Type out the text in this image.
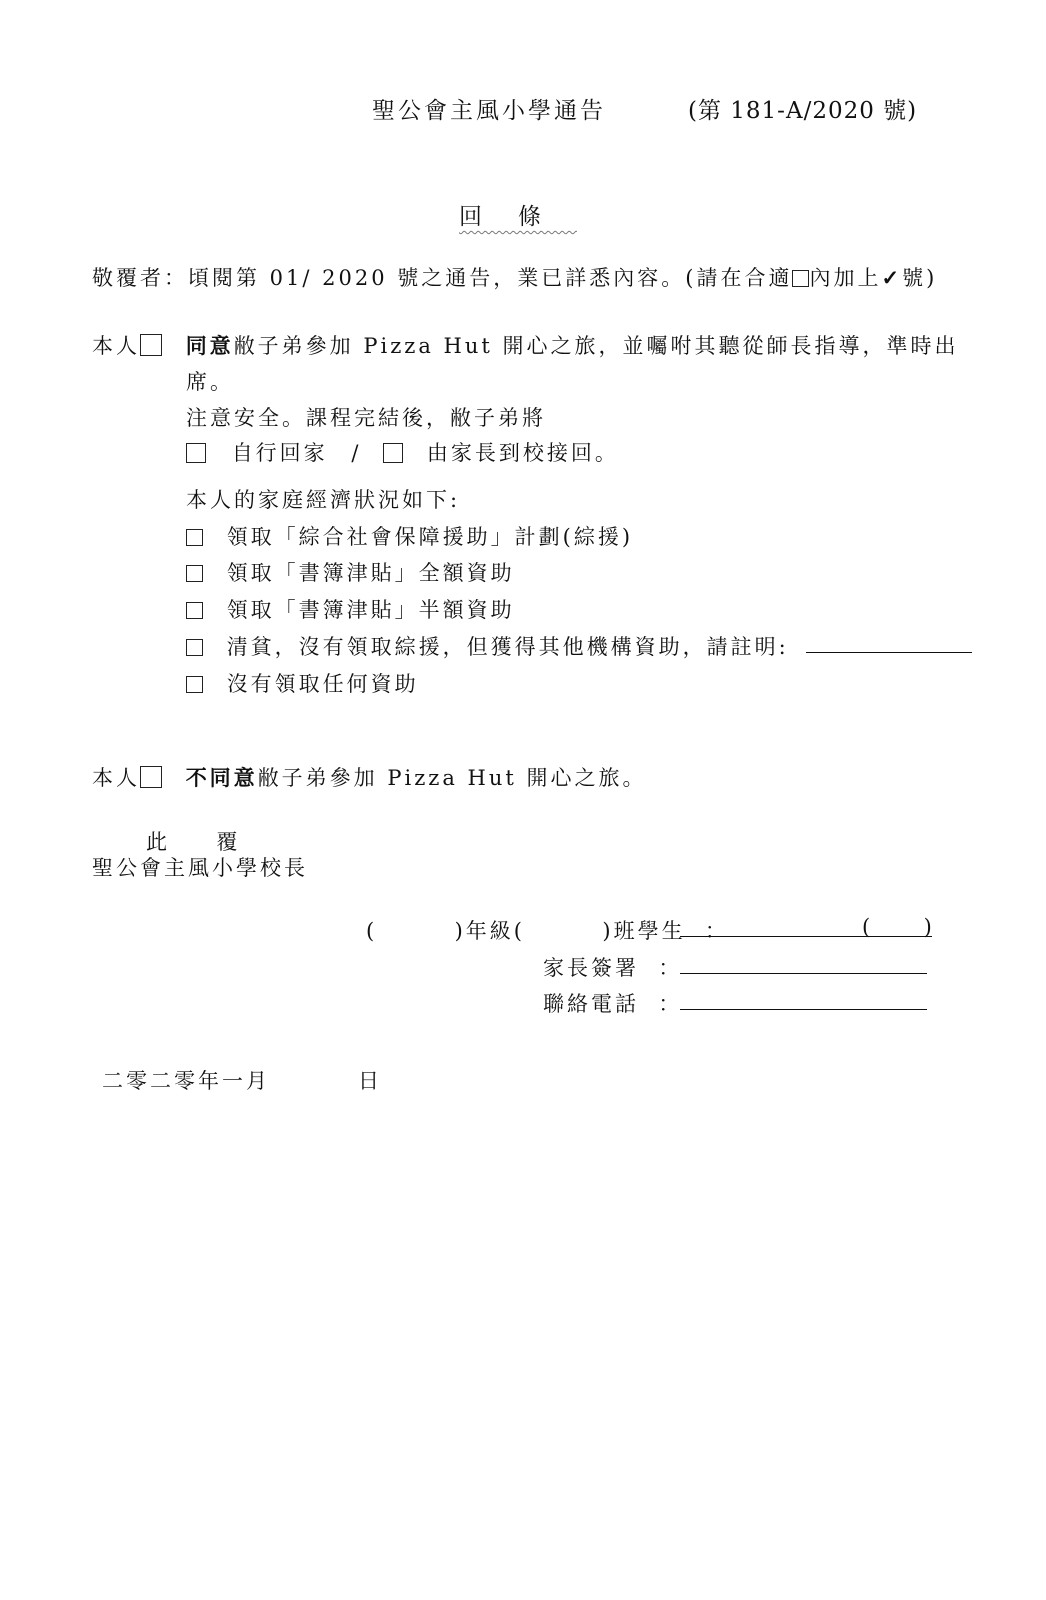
聖公會主風小學通告	(第 181-A/2020 號)
回條
敬覆者：頃閱第 01/ 2020 號之通告，業已詳悉內容。(請在合適 內加上✓號)
本人 同意敝子弟參加 Pizza Hut 開心之旅，並囑咐其聽從師長指導，準時出
席。
注意安全。課程完結後，敝子弟將
自行回家 /	由家長到校接回。
本人的家庭經濟狀況如下:
領取「綜合社會保障援助」計劃(綜援)
領取「書簿津貼」全額資助
領取「書簿津貼」半額資助
清貧，沒有領取綜援，但獲得其他機構資助，請註明:
沒有領取任何資助
本人 不同意敝子弟參加 Pizza Hut 開心之旅。
此  覆
聖公會主風小學校長
(        )年級(        )班學生  ：	(        )
家長簽署  ：
聯絡電話  ：
二零二零年一月	日
